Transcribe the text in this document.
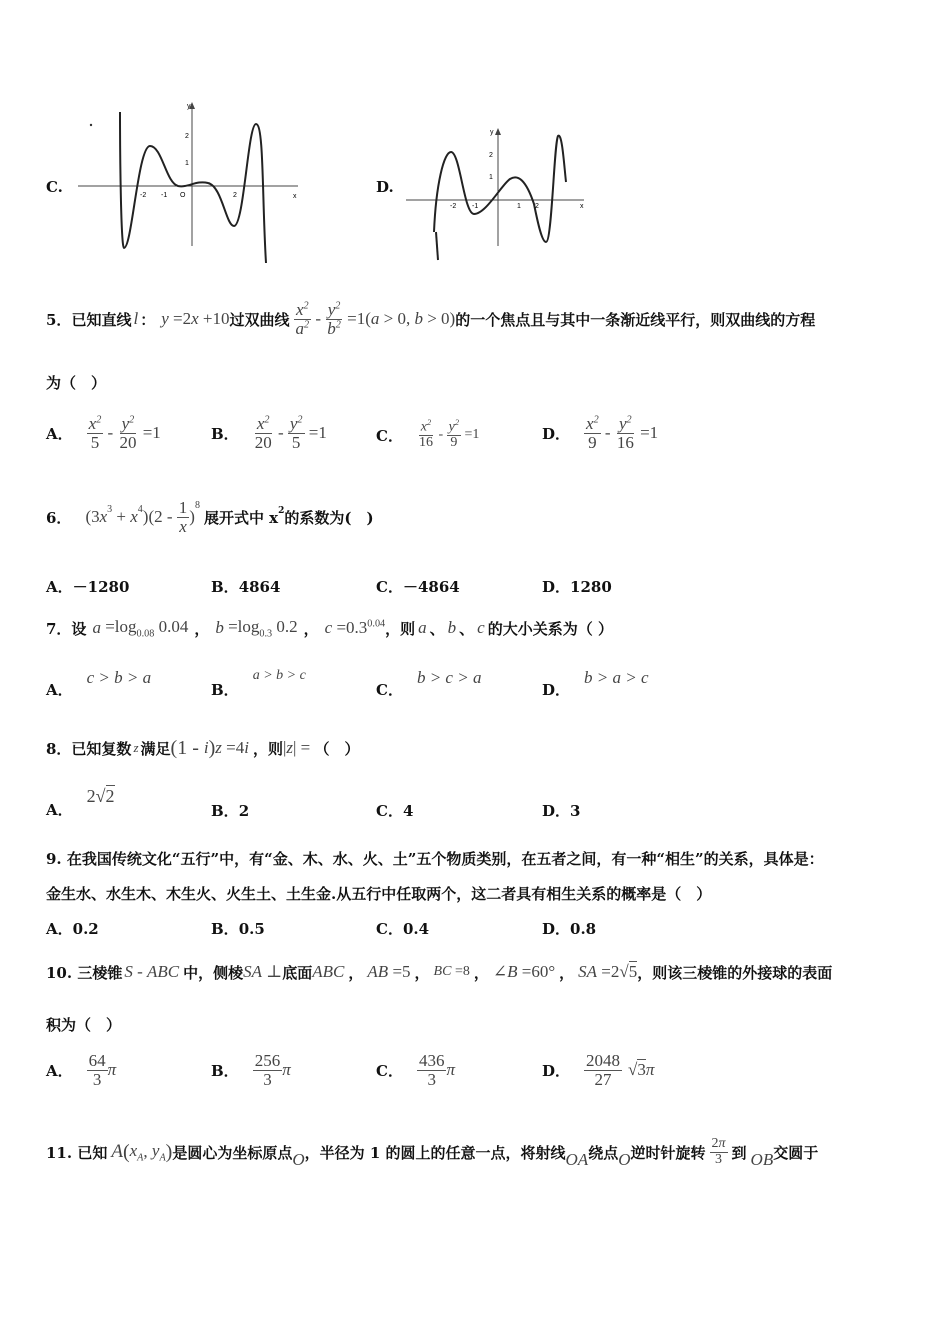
C.
y
x
2
1
-2 -1 O	2	D.
y
x
2
1
-2 -1	1 2
5． 已知直线 l ： y =2 x +10 过双曲线 $\frac{x^2}{a^2} - \frac{y^2}{b^2} =1$( a > 0, b > 0) 的一个焦点且与其中一条渐近线平行，则双曲线的方程
为（　）
A． $\frac{x^2}{5} - \frac{y^2}{20} =1$	B． $\frac{x^2}{20} - \frac{y^2}{5} =1$	C． $\frac{x^2}{16} - \frac{y^2}{9} =1$	D． $\frac{x^2}{9} - \frac{y^2}{16} =1$
6． (3 $x^3 + x^4$ )($2 - \frac{1}{x}$ )
$^8$
展开式中 $x^2$ 的系数为(　)
A．－1280	B．4864	C．－4864	D．1280
7．设 $a =\log_{0.08}$ 0.04 ， $b =\log_{0.3}$ 0.2 ， $c =0.3^{0.04}$ ，则 a 、 b 、 c 的大小关系为（ ）
A．
c > b > a
B．
a > b > c
C．
b > c > a
D．
b > a > c
8．已知复数 z 满足 (1 - i ) z =4 i ，则 | z | = （　）
A．
2√2
B．2	C．4	D．3
9. 在我国传统文化“五行”中，有“金、木、水、火、土”五个物质类别，在五者之间，有一种“相生”的关系，具体是：
金生水、水生木、木生火、火生土、土生金.从五行中任取两个，这二者具有相生关系的概率是（　）
A．0.2	B．0.5	C．0.4	D．0.8
10. 三棱锥 S - ABC 中，侧棱 SA ⊥ 底面 ABC ， AB =5 ， BC =8 ， ∠ B =60° ， SA =2√5 ，则该三棱锥的外接球的表面
积为（　）
A． $\frac{64}{3}$ π	B． $\frac{256}{3}$ π	C． $\frac{436}{3}$ π	D． $\frac{2048}{27} √3$ π
11. 已知 A ( $x_A$ , $y_A$ ) 是圆心为坐标原点 O ，半径为 1 的圆上的任意一点，将射线 OA 绕点 O 逆时针旋转 $\frac{2\pi}{3}$ 到 OB 交圆于
